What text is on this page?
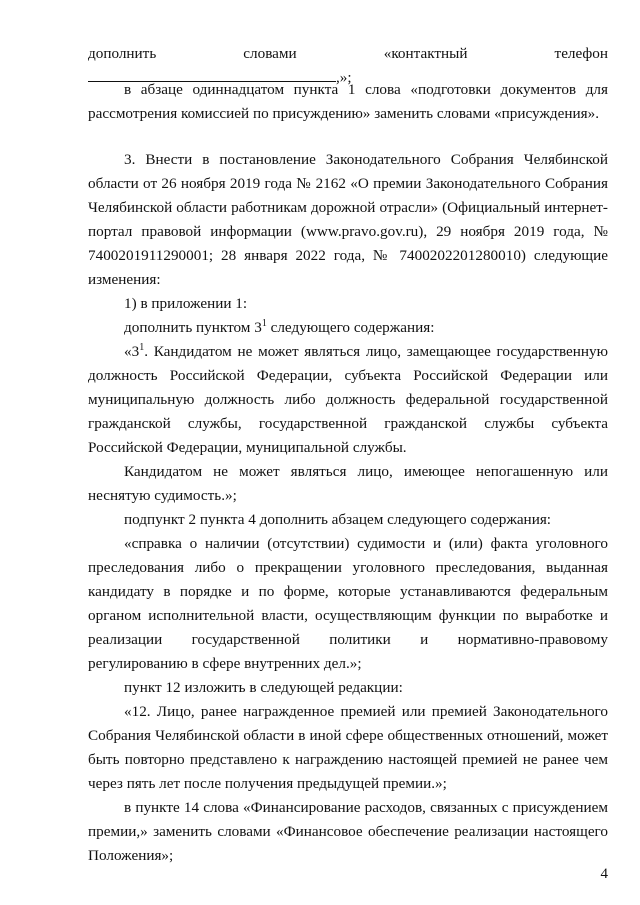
дополнить словами «контактный телефон ,»;

в абзаце одиннадцатом пункта 1 слова «подготовки документов для рассмотрения комиссией по присуждению» заменить словами «присуждения».

3. Внести в постановление Законодательного Собрания Челябинской области от 26 ноября 2019 года № 2162 «О премии Законодательного Собрания Челябинской области работникам дорожной отрасли» (Официальный интернет-портал правовой информации (www.pravo.gov.ru), 29 ноября 2019 года, № 7400201911290001; 28 января 2022 года, № 7400202201280010) следующие изменения:

1) в приложении 1:

дополнить пунктом $3^1$ следующего содержания:

«$3^1$. Кандидатом не может являться лицо, замещающее государственную должность Российской Федерации, субъекта Российской Федерации или муниципальную должность либо должность федеральной государственной гражданской службы, государственной гражданской службы субъекта Российской Федерации, муниципальной службы.

Кандидатом не может являться лицо, имеющее непогашенную или неснятую судимость.»;

подпункт 2 пункта 4 дополнить абзацем следующего содержания:

«справка о наличии (отсутствии) судимости и (или) факта уголовного преследования либо о прекращении уголовного преследования, выданная кандидату в порядке и по форме, которые устанавливаются федеральным органом исполнительной власти, осуществляющим функции по выработке и реализации государственной политики и нормативно-правовому регулированию в сфере внутренних дел.»;

пункт 12 изложить в следующей редакции:

«12. Лицо, ранее награжденное премией или премией Законодательного Собрания Челябинской области в иной сфере общественных отношений, может быть повторно представлено к награждению настоящей премией не ранее чем через пять лет после получения предыдущей премии.»;

в пункте 14 слова «Финансирование расходов, связанных с присуждением премии,» заменить словами «Финансовое обеспечение реализации настоящего Положения»;

4
